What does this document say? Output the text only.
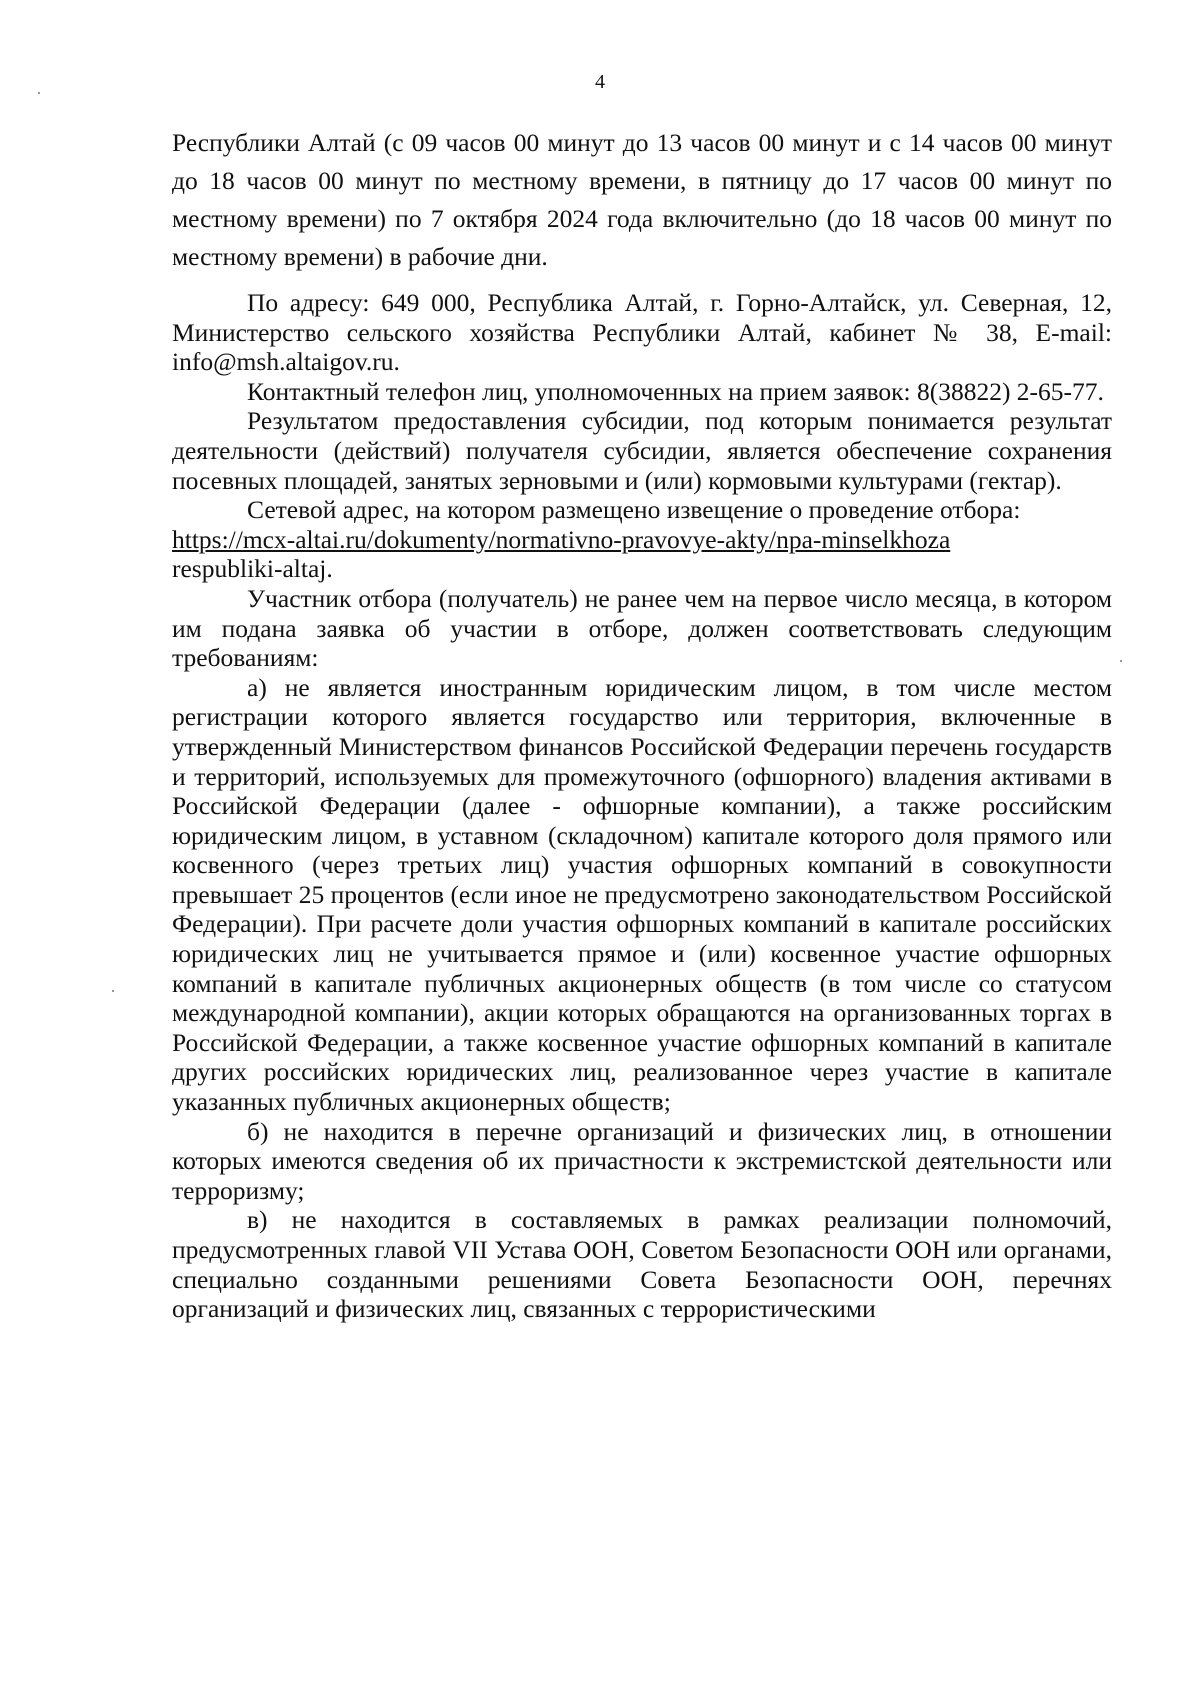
4

Республики Алтай (с 09 часов 00 минут до 13 часов 00 минут и с 14 часов 00 минут до 18 часов 00 минут по местному времени, в пятницу до 17 часов 00 минут по местному времени) по 7 октября 2024 года включительно (до 18 часов 00 минут по местному времени) в рабочие дни.

По адресу: 649 000, Республика Алтай, г. Горно-Алтайск, ул. Северная, 12, Министерство сельского хозяйства Республики Алтай, кабинет № 38, E-mail: info@msh.altaigov.ru.

Контактный телефон лиц, уполномоченных на прием заявок: 8(38822) 2-65-77.

Результатом предоставления субсидии, под которым понимается результат деятельности (действий) получателя субсидии, является обеспечение сохранения посевных площадей, занятых зерновыми и (или) кормовыми культурами (гектар).

Сетевой адрес, на котором размещено извещение о проведение отбора:

https://mcx-altai.ru/dokumenty/normativno-pravovye-akty/npa-minselkhoza

respubliki-altaj.

Участник отбора (получатель) не ранее чем на первое число месяца, в котором им подана заявка об участии в отборе, должен соответствовать следующим требованиям:

а) не является иностранным юридическим лицом, в том числе местом регистрации которого является государство или территория, включенные в утвержденный Министерством финансов Российской Федерации перечень государств и территорий, используемых для промежуточного (офшорного) владения активами в Российской Федерации (далее - офшорные компании), а также российским юридическим лицом, в уставном (складочном) капитале которого доля прямого или косвенного (через третьих лиц) участия офшорных компаний в совокупности превышает 25 процентов (если иное не предусмотрено законодательством Российской Федерации). При расчете доли участия офшорных компаний в капитале российских юридических лиц не учитывается прямое и (или) косвенное участие офшорных компаний в капитале публичных акционерных обществ (в том числе со статусом международной компании), акции которых обращаются на организованных торгах в Российской Федерации, а также косвенное участие офшорных компаний в капитале других российских юридических лиц, реализованное через участие в капитале указанных публичных акционерных обществ;

б) не находится в перечне организаций и физических лиц, в отношении которых имеются сведения об их причастности к экстремистской деятельности или терроризму;

в) не находится в составляемых в рамках реализации полномочий, предусмотренных главой VII Устава ООН, Советом Безопасности ООН или органами, специально созданными решениями Совета Безопасности ООН, перечнях организаций и физических лиц, связанных с террористическими
